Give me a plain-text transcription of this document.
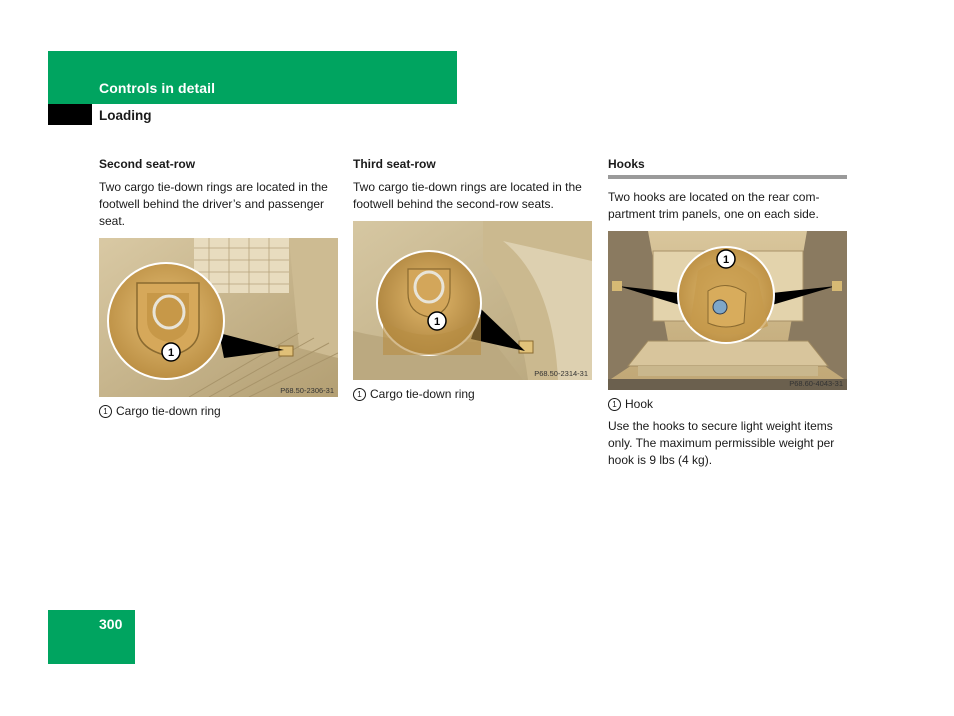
Controls in detail
Loading
Second seat-row

Two cargo tie-down rings are located in the footwell behind the driver’s and passenger seat.

1
P68.50-2306-31
1 Cargo tie-down ring
Third seat-row

Two cargo tie-down rings are located in the footwell behind the second-row seats.

1
P68.50-2314-31
1 Cargo tie-down ring
Hooks

Two hooks are located on the rear com- partment trim panels, one on each side.

1
P68.60-4043-31
1 Hook

Use the hooks to secure light weight items only. The maximum permissible weight per hook is 9 lbs (4 kg).

300
